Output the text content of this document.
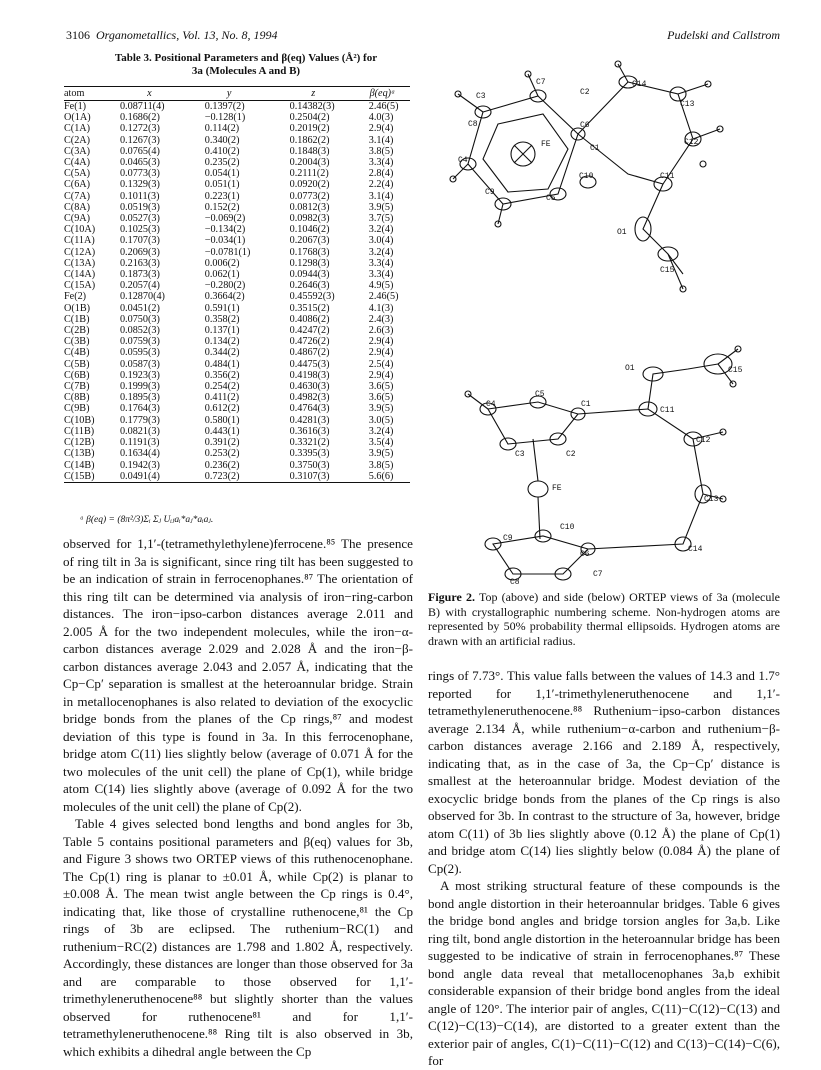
3106 Organometallics, Vol. 13, No. 8, 1994	Pudelski and Callstrom
Table 3. Positional Parameters and β(eq) Values (Å²) for
3a (Molecules A and B)
atom	x	y	z	β(eq)ᵃ
Fe(1)	0.08711(4)	0.1397(2)	0.14382(3)	2.46(5)
O(1A)	0.1686(2)	−0.128(1)	0.2504(2)	4.0(3)
C(1A)	0.1272(3)	0.114(2)	0.2019(2)	2.9(4)
C(2A)	0.1267(3)	0.340(2)	0.1862(2)	3.1(4)
C(3A)	0.0765(4)	0.410(2)	0.1848(3)	3.8(5)
C(4A)	0.0465(3)	0.235(2)	0.2004(3)	3.3(4)
C(5A)	0.0773(3)	0.054(1)	0.2111(2)	2.8(4)
C(6A)	0.1329(3)	0.051(1)	0.0920(2)	2.2(4)
C(7A)	0.1011(3)	0.223(1)	0.0773(2)	3.1(4)
C(8A)	0.0519(3)	0.152(2)	0.0812(3)	3.9(5)
C(9A)	0.0527(3)	−0.069(2)	0.0982(3)	3.7(5)
C(10A)	0.1025(3)	−0.134(2)	0.1046(2)	3.2(4)
C(11A)	0.1707(3)	−0.034(1)	0.2067(3)	3.0(4)
C(12A)	0.2069(3)	−0.0781(1)	0.1768(3)	3.2(4)
C(13A)	0.2163(3)	0.006(2)	0.1298(3)	3.3(4)
C(14A)	0.1873(3)	0.062(1)	0.0944(3)	3.3(4)
C(15A)	0.2057(4)	−0.280(2)	0.2646(3)	4.9(5)
Fe(2)	0.12870(4)	0.3664(2)	0.45592(3)	2.46(5)
O(1B)	0.0451(2)	0.591(1)	0.3515(2)	4.1(3)
C(1B)	0.0750(3)	0.358(2)	0.4086(2)	2.4(3)
C(2B)	0.0852(3)	0.137(1)	0.4247(2)	2.6(3)
C(3B)	0.0759(3)	0.134(2)	0.4726(2)	2.9(4)
C(4B)	0.0595(3)	0.344(2)	0.4867(2)	2.9(4)
C(5B)	0.0587(3)	0.484(1)	0.4475(3)	2.5(4)
C(6B)	0.1923(3)	0.356(2)	0.4198(3)	2.9(4)
C(7B)	0.1999(3)	0.254(2)	0.4630(3)	3.6(5)
C(8B)	0.1895(3)	0.411(2)	0.4982(3)	3.6(5)
C(9B)	0.1764(3)	0.612(2)	0.4764(3)	3.9(5)
C(10B)	0.1779(3)	0.580(1)	0.4281(3)	3.0(5)
C(11B)	0.0821(3)	0.443(1)	0.3616(3)	3.2(4)
C(12B)	0.1191(3)	0.391(2)	0.3321(2)	3.5(4)
C(13B)	0.1634(4)	0.253(2)	0.3395(3)	3.9(5)
C(14B)	0.1942(3)	0.236(2)	0.3750(3)	3.8(5)
C(15B)	0.0491(4)	0.723(2)	0.3107(3)	5.6(6)
ᵃ β(eq) = (8π²/3)Σᵢ Σⱼ Uᵢⱼaᵢ*aⱼ*aᵢaⱼ.

observed for 1,1′-(tetramethylethylene)ferrocene.⁸⁵ The presence of ring tilt in 3a is significant, since ring tilt has been suggested to be an indication of strain in ferrocenophanes.⁸⁷ The orientation of this ring tilt can be determined via analysis of iron−ring-carbon distances. The iron−ipso-carbon distances average 2.011 and 2.005 Å for the two independent molecules, while the iron−α-carbon distances average 2.029 and 2.028 Å and the iron−β-carbon distances average 2.043 and 2.057 Å, indicating that the Cp−Cp′ separation is smallest at the heteroannular bridge. Strain in metallocenophanes is also related to deviation of the exocyclic bridge bonds from the planes of the Cp rings,⁸⁷ and modest deviation of this type is found in 3a. In this ferrocenophane, bridge atom C(11) lies slightly below (average of 0.071 Å for the two molecules of the unit cell) the plane of Cp(1), while bridge atom C(14) lies slightly above (average of 0.092 Å for the two molecules of the unit cell) the plane of Cp(2).

Table 4 gives selected bond lengths and bond angles for 3b, Table 5 contains positional parameters and β(eq) values for 3b, and Figure 3 shows two ORTEP views of this ruthenocenophane. The Cp(1) ring is planar to ±0.01 Å, while Cp(2) is planar to ±0.008 Å. The mean twist angle between the Cp rings is 0.4°, indicating that, like those of crystalline ruthenocene,⁸¹ the Cp rings of 3b are eclipsed. The ruthenium−RC(1) and ruthenium−RC(2) distances are 1.798 and 1.802 Å, respectively. Accordingly, these distances are longer than those observed for 3a and are comparable to those observed for 1,1′-trimethyleneruthenocene⁸⁸ but slightly shorter than the values observed for ruthenocene⁸¹ and for 1,1′-tetramethyleneruthenocene.⁸⁸ Ring tilt is also observed in 3b, which exhibits a dihedral angle between the Cp

C7
C2
C14
C3
C13
C8	C6
FE	C12
C1
C4
C10	C11
C9
C5
O1
C15
O1	C15
C5
C4	C1
C11
C3	C2
C12
FE
C13
C10
C9
C14
C6
C7
C8
Figure 2. Top (above) and side (below) ORTEP views of 3a (molecule B) with crystallographic numbering scheme. Non-hydrogen atoms are represented by 50% probability thermal ellipsoids. Hydrogen atoms are drawn with an artificial radius.

rings of 7.73°. This value falls between the values of 14.3 and 1.7° reported for 1,1′-trimethyleneruthenocene and 1,1′-tetramethyleneruthenocene.⁸⁸ Ruthenium−ipso-carbon distances average 2.134 Å, while ruthenium−α-carbon and ruthenium−β-carbon distances average 2.166 and 2.189 Å, respectively, indicating that, as in the case of 3a, the Cp−Cp′ distance is smallest at the heteroannular bridge. Modest deviation of the exocyclic bridge bonds from the planes of the Cp rings is also observed for 3b. In contrast to the structure of 3a, however, bridge atom C(11) of 3b lies slightly above (0.12 Å) the plane of Cp(1) and bridge atom C(14) lies slightly below (0.084 Å) the plane of Cp(2).

A most striking structural feature of these compounds is the bond angle distortion in their heteroannular bridges. Table 6 gives the bridge bond angles and bridge torsion angles for 3a,b. Like ring tilt, bond angle distortion in the heteroannular bridge has been suggested to be indicative of strain in ferrocenophanes.⁸⁷ These bond angle data reveal that metallocenophanes 3a,b exhibit considerable expansion of their bridge bond angles from the ideal angle of 120°. The interior pair of angles, C(11)−C(12)−C(13) and C(12)−C(13)−C(14), are distorted to a greater extent than the exterior pair of angles, C(1)−C(11)−C(12) and C(13)−C(14)−C(6), for
